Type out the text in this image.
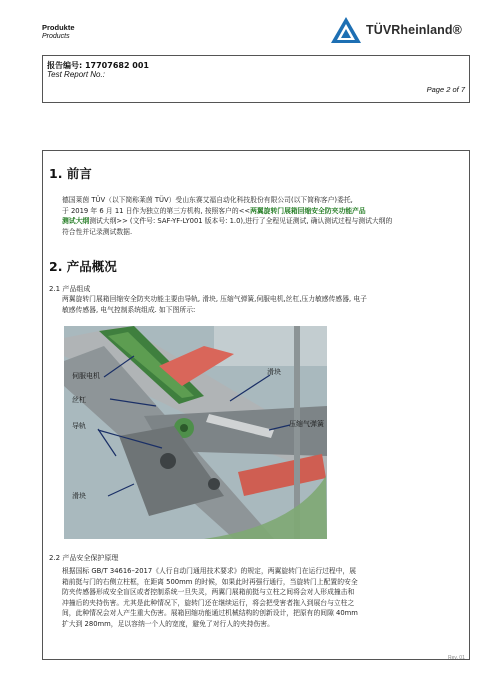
Produkte
Products	TÜVRheinland®
报告编号: 17707682 001
Test Report No.:
Page 2 of 7
1. 前言
德国莱茵 TÜV（以下简称莱茵 TÜV）受山东赛艾福自动化科技股份有限公司(以下简称客户)委托,
于 2019 年 6 月 11 日作为独立的第三方机构, 按照客户的<<两翼旋转门展箱回缩安全防夹功能产品
测试大纲测试大纲>> (文件号: SAF-YF-LY001 版本号: 1.0),进行了全程见证测试, 确认测试过程与测试大纲的
符合性并记录测试数据.
2. 产品概况
2.1 产品组成
两翼旋转门展箱回缩安全防夹功能主要由导轨, 滑块, 压缩气弹簧,伺服电机,丝杠,压力敏感传感器, 电子
敏感传感器, 电气控制系统组成. 如下图所示:
伺服电机	滑块
丝杠
压缩气弹簧
导轨
滑块
2.2 产品安全保护原理
根据国标 GB/T 34616–2017《人行自动门通用技术要求》的规定，两翼旋转门在运行过程中，展
箱前挺与门的右侧立柱框，在距离 500mm 的时候，如果此时再强行通行，当旋转门上配置的安全
防夹传感器形成安全盲区或者控制系统一旦失灵，两翼门展箱前挺与立柱之间将会对人形成撞击和
冲撞后的夹持伤害。尤其是此种情况下，旋转门还在继续运行，将会把受害者拖入到展台与立柱之
间，此种情况会对人产生重大伤害。展箱回缩功能通过机械结构的创新设计，把原有的间隙 40mm
扩大到 280mm，足以容纳一个人的宽度，避免了对行人的夹持伤害。
Rev. 01
